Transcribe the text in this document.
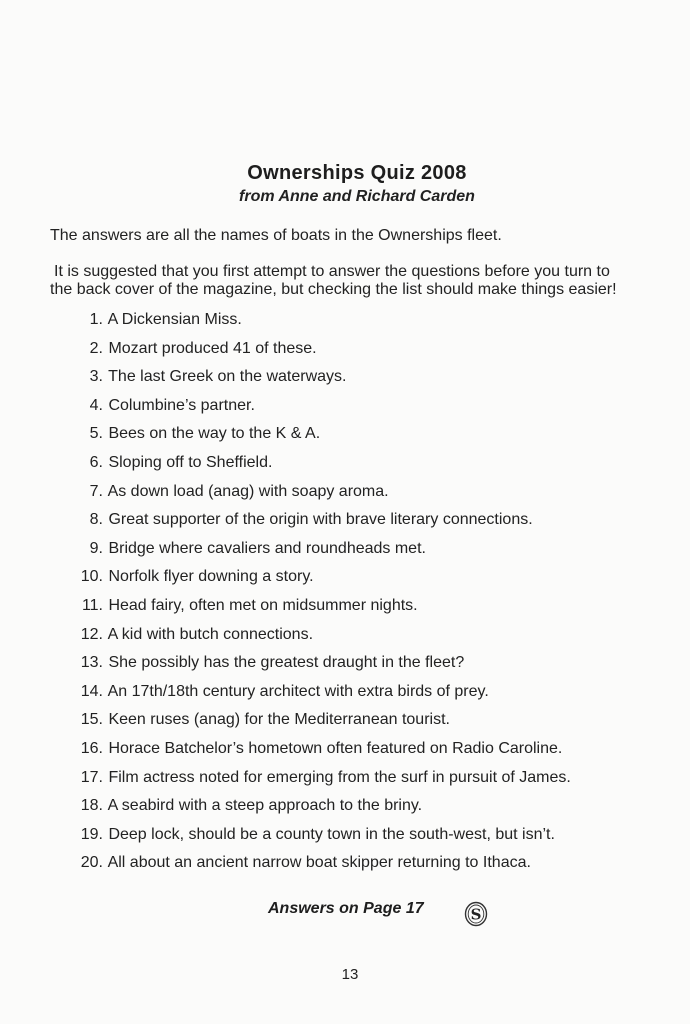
Ownerships Quiz 2008
from Anne and Richard Carden
The answers are all the names of boats in the Ownerships fleet.
It is suggested that you first attempt to answer the questions before you turn to
the back cover of the magazine, but checking the list should make things easier!
1. A Dickensian Miss.
2. Mozart produced 41 of these.
3. The last Greek on the waterways.
4. Columbine’s partner.
5. Bees on the way to the K & A.
6. Sloping off to Sheffield.
7. As down load (anag) with soapy aroma.
8. Great supporter of the origin with brave literary connections.
9. Bridge where cavaliers and roundheads met.
10. Norfolk flyer downing a story.
11. Head fairy, often met on midsummer nights.
12. A kid with butch connections.
13. She possibly has the greatest draught in the fleet?
14. An 17th/18th century architect with extra birds of prey.
15. Keen ruses (anag) for the Mediterranean tourist.
16. Horace Batchelor’s hometown often featured on Radio Caroline.
17. Film actress noted for emerging from the surf in pursuit of James.
18. A seabird with a steep approach to the briny.
19. Deep lock, should be a county town in the south-west, but isn’t.
20. All about an ancient narrow boat skipper returning to Ithaca.
Answers on Page 17	S
13
